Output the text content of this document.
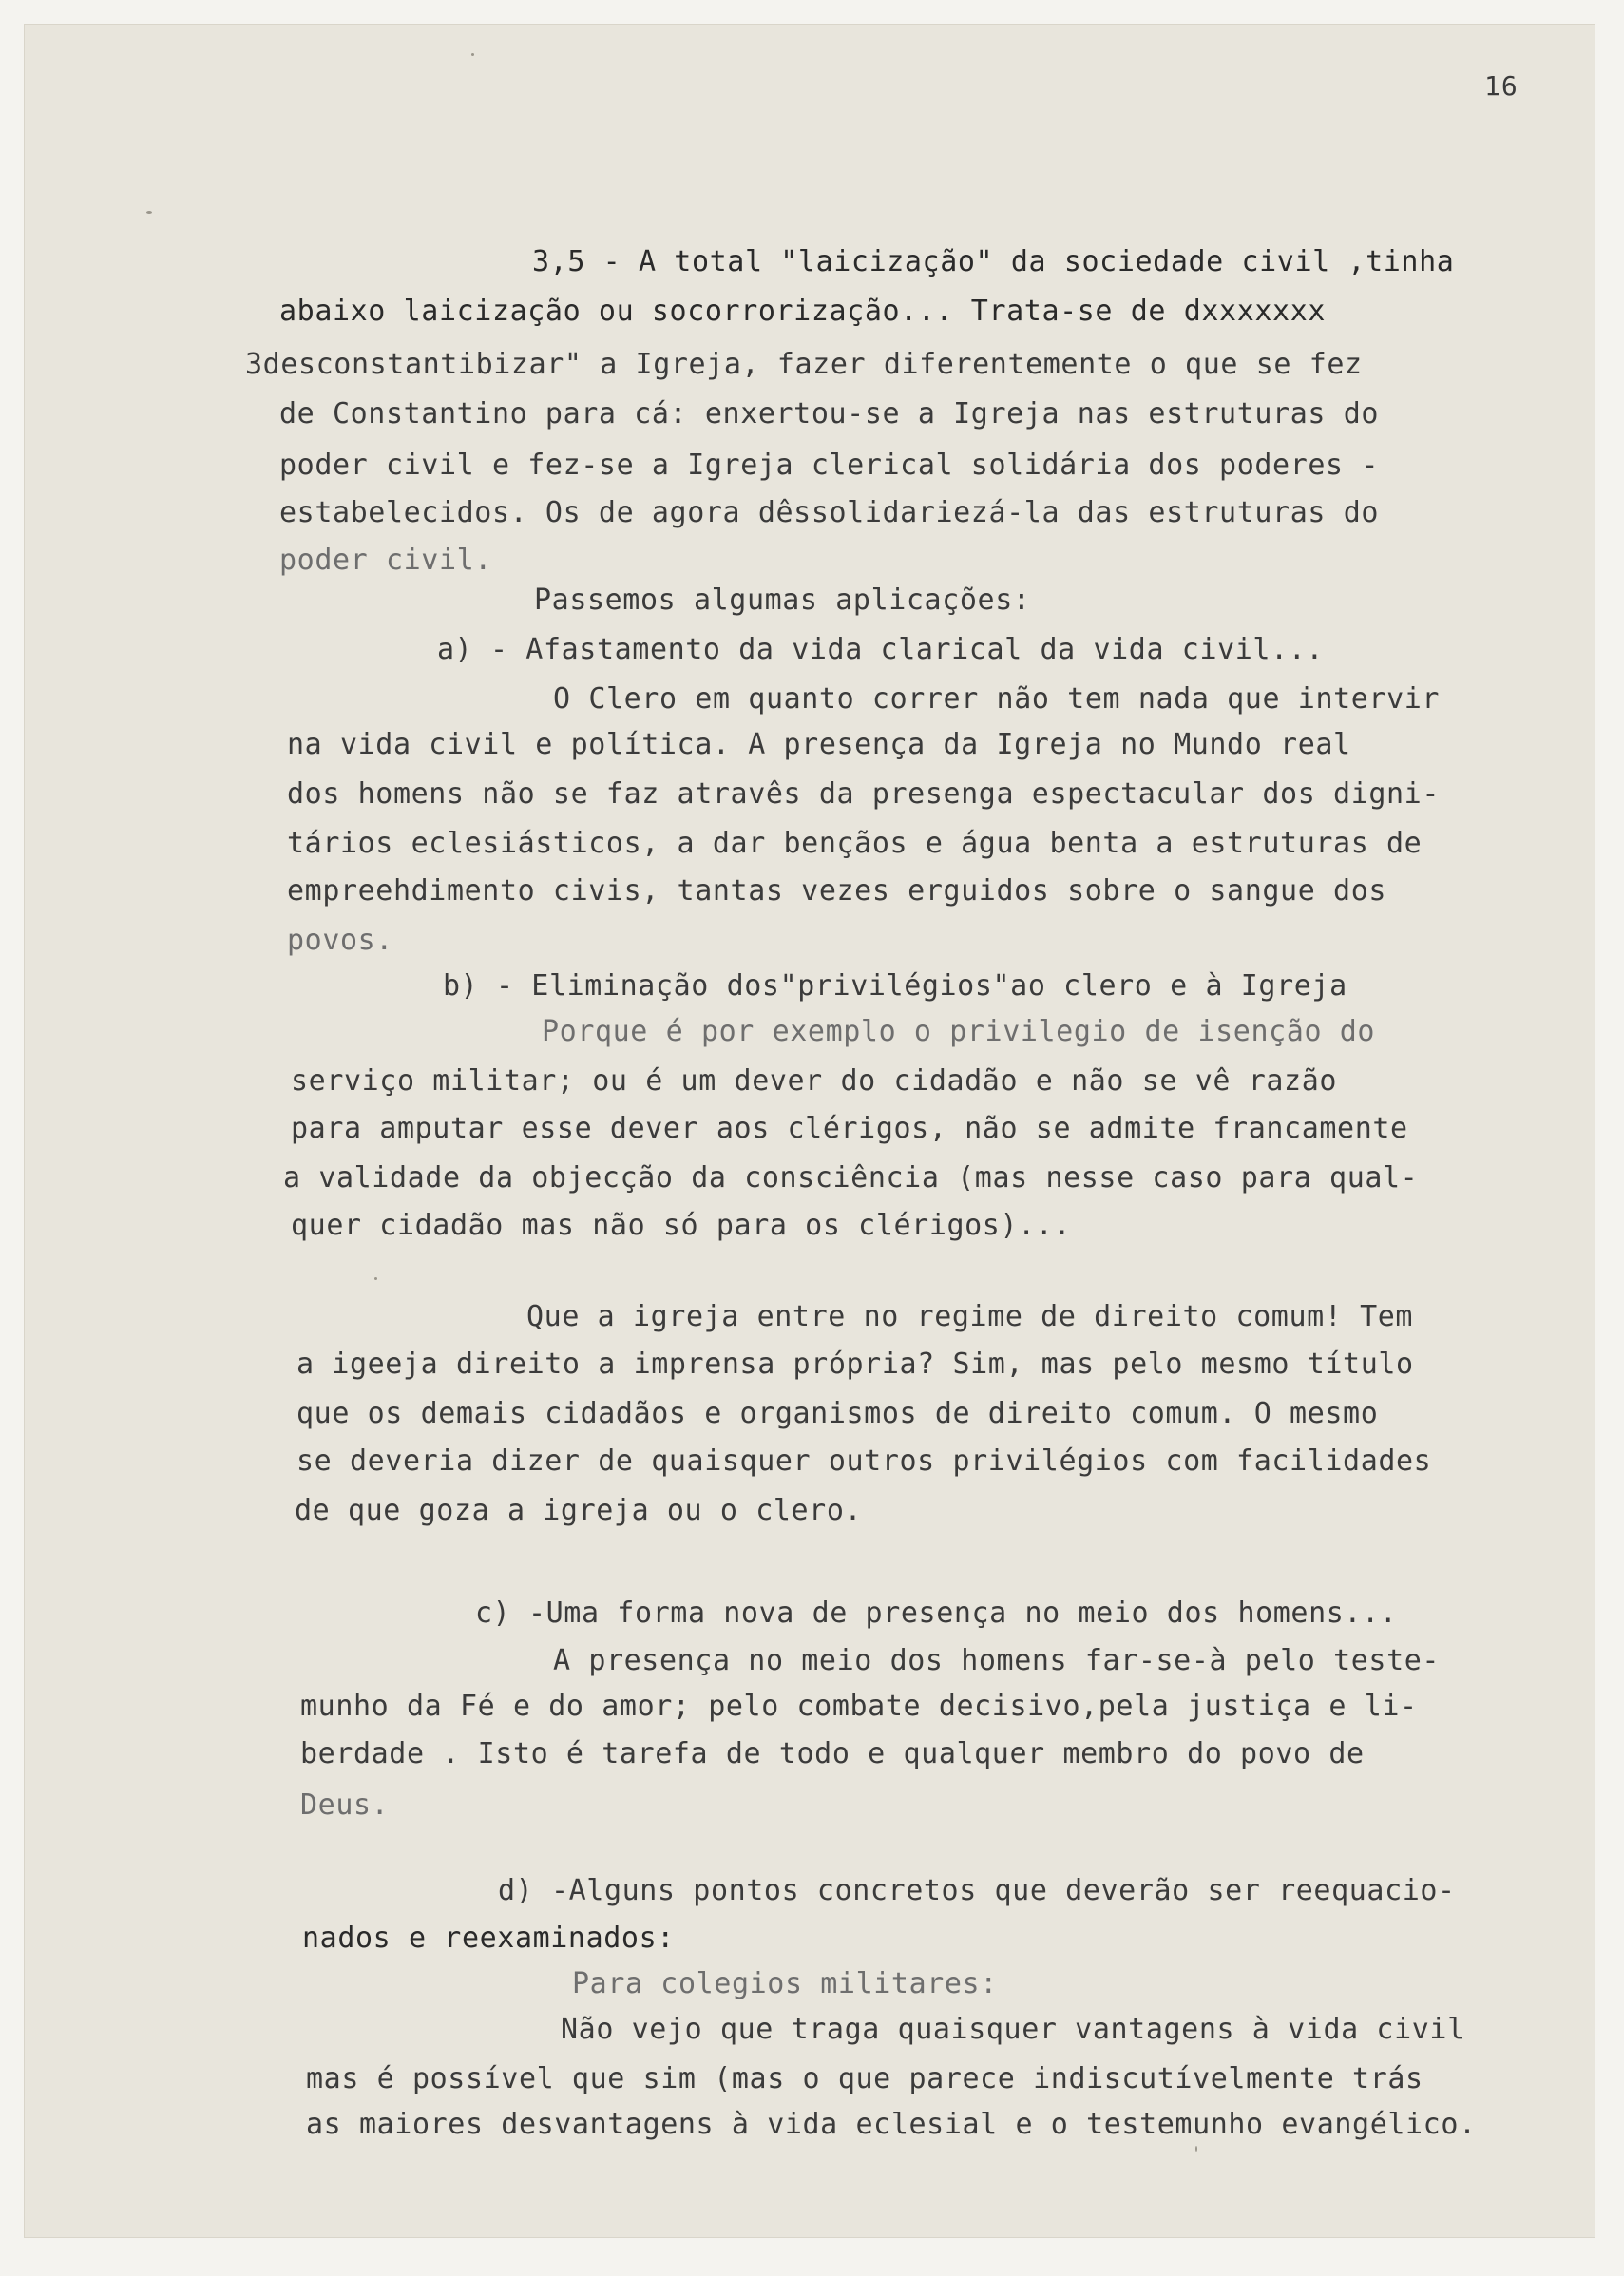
16
3,5 - A total "laicização" da sociedade civil ,tinha
abaixo laicização ou socorrorização... Trata-se de dxxxxxxx
3desconstantibizar" a Igreja, fazer diferentemente o que se fez
de Constantino para cá: enxertou-se a Igreja nas estruturas do
poder civil e fez-se a Igreja clerical solidária dos poderes -
estabelecidos. Os de agora dêssolidariezá-la das estruturas do
poder civil.
Passemos algumas aplicações:
a) - Afastamento da vida clarical da vida civil...
O Clero em quanto correr não tem nada que intervir
na vida civil e política. A presença da Igreja no Mundo real
dos homens não se faz atravês da presenga espectacular dos digni-
tários eclesiásticos, a dar bençãos e água benta a estruturas de
empreehdimento civis, tantas vezes erguidos sobre o sangue dos
povos.
b) - Eliminação dos"privilégios"ao clero e à Igreja
Porque é por exemplo o privilegio de isenção do
serviço militar; ou é um dever do cidadão e não se vê razão
para amputar esse dever aos clérigos, não se admite francamente
a validade da objecção da consciência (mas nesse caso para qual-
quer cidadão mas não só para os clérigos)...
Que a igreja entre no regime de direito comum! Tem
a igeeja direito a imprensa própria? Sim, mas pelo mesmo título
que os demais cidadãos e organismos de direito comum. O mesmo
se deveria dizer de quaisquer outros privilégios com facilidades
de que goza a igreja ou o clero.
c) -Uma forma nova de presença no meio dos homens...
A presença no meio dos homens far-se-à pelo teste-
munho da Fé e do amor; pelo combate decisivo,pela justiça e li-
berdade . Isto é tarefa de todo e qualquer membro do povo de
Deus.
d) -Alguns pontos concretos que deverão ser reequacio-
nados e reexaminados:
Para colegios militares:
Não vejo que traga quaisquer vantagens à vida civil
mas é possível que sim (mas o que parece indiscutívelmente trás
as maiores desvantagens à vida eclesial e o testemunho evangélico.
